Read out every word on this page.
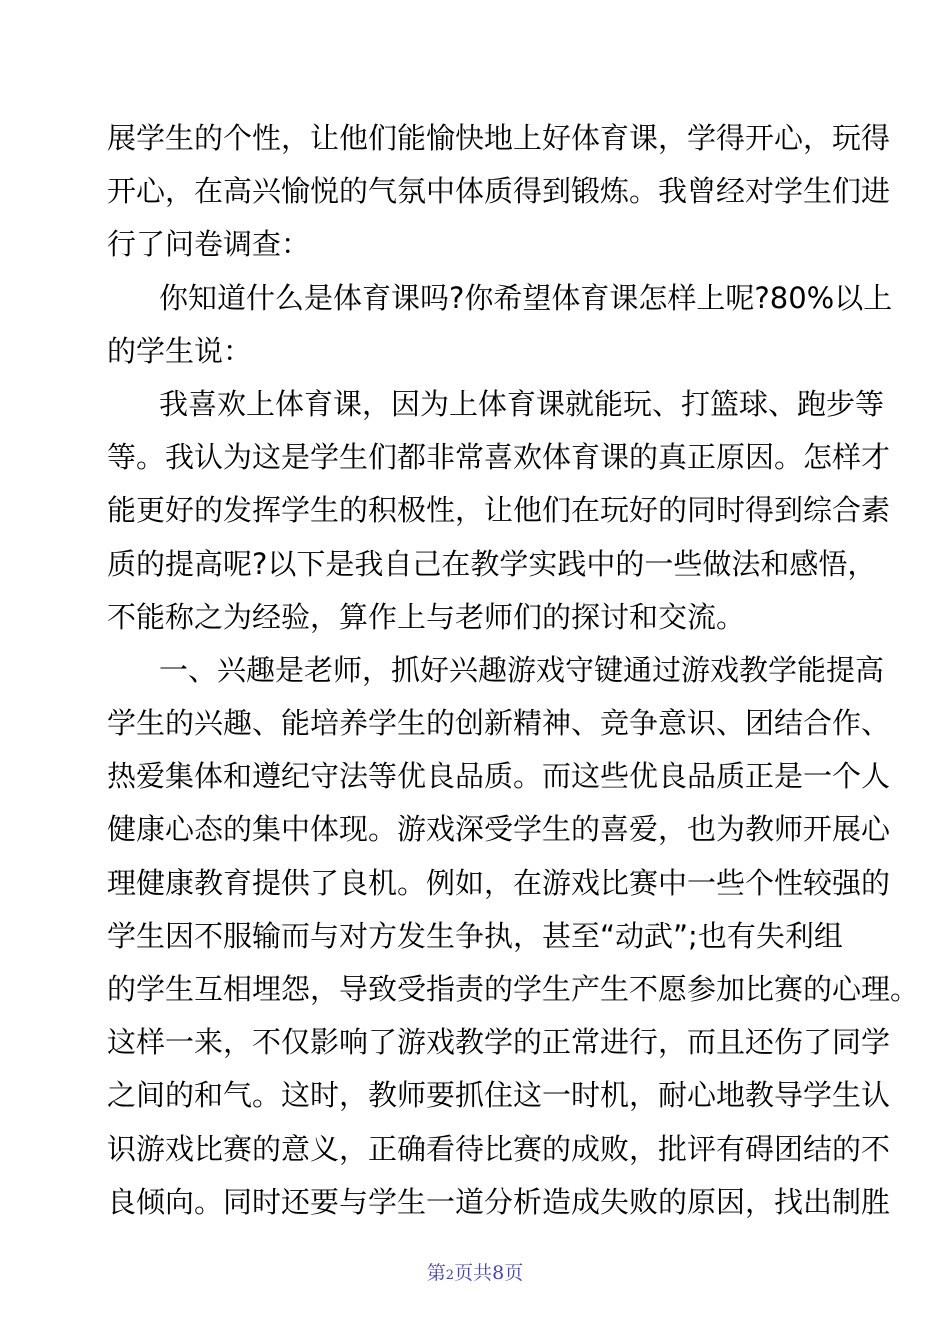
展学生的个性，让他们能愉快地上好体育课，学得开心，玩得
开心，在高兴愉悦的气氛中体质得到锻炼。我曾经对学生们进
行了问卷调查：
你知道什么是体育课吗?你希望体育课怎样上呢?80%以上
的学生说：
我喜欢上体育课，因为上体育课就能玩、打篮球、跑步等
等。我认为这是学生们都非常喜欢体育课的真正原因。怎样才
能更好的发挥学生的积极性，让他们在玩好的同时得到综合素
质的提高呢?以下是我自己在教学实践中的一些做法和感悟，
不能称之为经验，算作上与老师们的探讨和交流。
一、兴趣是老师，抓好兴趣游戏守键通过游戏教学能提高
学生的兴趣、能培养学生的创新精神、竞争意识、团结合作、
热爱集体和遵纪守法等优良品质。而这些优良品质正是一个人
健康心态的集中体现。游戏深受学生的喜爱，也为教师开展心
理健康教育提供了良机。例如，在游戏比赛中一些个性较强的
学生因不服输而与对方发生争执，甚至“动武”;也有失利组
的学生互相埋怨，导致受指责的学生产生不愿参加比赛的心理。
这样一来，不仅影响了游戏教学的正常进行，而且还伤了同学
之间的和气。这时，教师要抓住这一时机，耐心地教导学生认
识游戏比赛的意义，正确看待比赛的成败，批评有碍团结的不
良倾向。同时还要与学生一道分析造成失败的原因，找出制胜
第2页共8页
